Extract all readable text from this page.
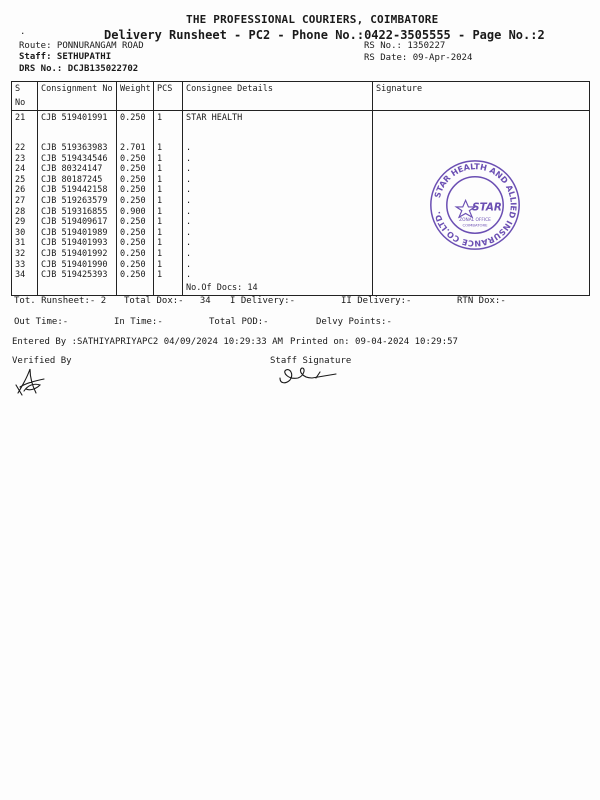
THE PROFESSIONAL COURIERS, COIMBATORE
.	Delivery Runsheet - PC2 - Phone No.:0422-3505555 - Page No.:2
Route: PONNURANGAM ROAD
Staff: SETHUPATHI
DRS No.: DCJB135022702
RS No.: 1350227
RS Date: 09-Apr-2024
S No	Consignment No	Weight	PCS	Consignee Details	Signature
21	CJB 519401991	0.250	1	STAR HEALTH	
22	CJB 519363983	2.701	1	.	
23	CJB 519434546	0.250	1	.	
24	CJB 80324147	0.250	1	.	
25	CJB 80187245	0.250	1	.	
26	CJB 519442158	0.250	1	.	
27	CJB 519263579	0.250	1	.	
28	CJB 519316855	0.900	1	.	
29	CJB 519409617	0.250	1	.	
30	CJB 519401989	0.250	1	.	
31	CJB 519401993	0.250	1	.	
32	CJB 519401992	0.250	1	.	
33	CJB 519401990	0.250	1	.	
34	CJB 519425393	0.250	1	.	
				No.Of Docs: 14	
STAR HEALTH AND ALLIED INSURANCE CO.LTD.	STAR
ZONAL OFFICE
COIMBATORE
Tot. Runsheet:- 2 Total Dox:-   34 I Delivery:-	II Delivery:-	RTN Dox:-
Out Time:-	In Time:-	Total POD:-	Delvy Points:-
Entered By :SATHIYAPRIYAPC2 04/09/2024 10:29:33 AM Printed on: 09-04-2024 10:29:57
Verified By	Staff Signature
